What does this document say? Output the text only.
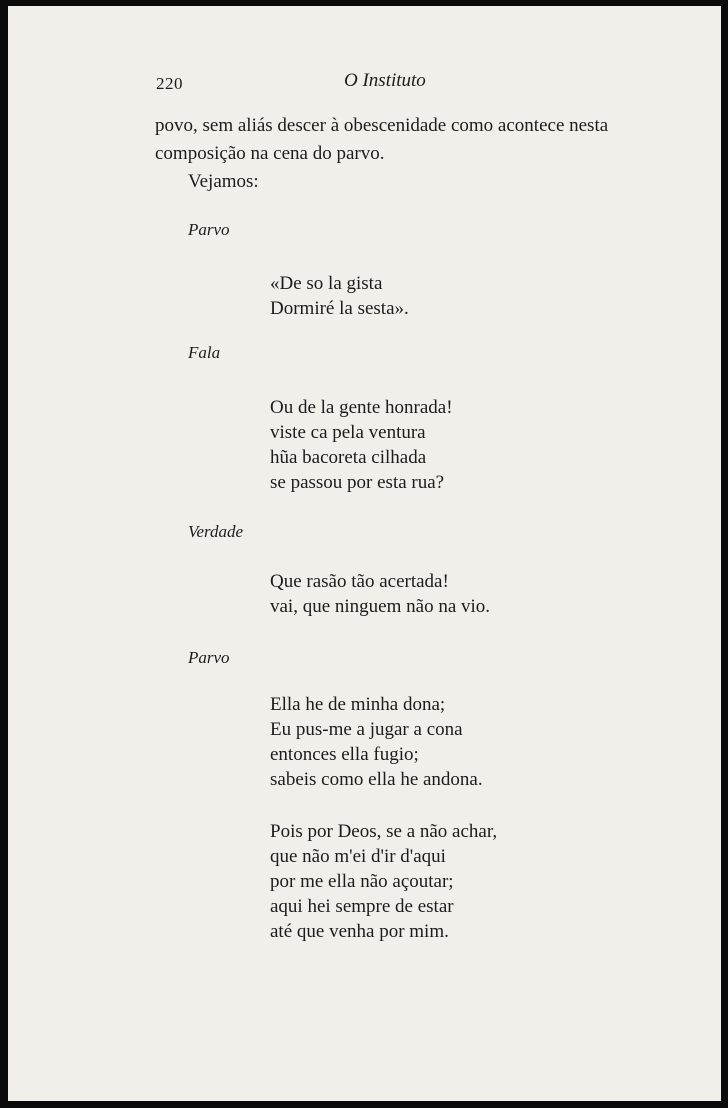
220	O Instituto
povo, sem aliás descer à obescenidade como acontece nesta
composição na cena do parvo.
Vejamos:
Parvo
«De so la gista
Dormiré la sesta».
Fala
Ou de la gente honrada!
viste ca pela ventura
hũa bacoreta cilhada
se passou por esta rua?
Verdade
Que rasão tão acertada!
vai, que ninguem não na vio.
Parvo
Ella he de minha dona;
Eu pus-me a jugar a cona
entonces ella fugio;
sabeis como ella he andona.
Pois por Deos, se a não achar,
que não m'ei d'ir d'aqui
por me ella não açoutar;
aqui hei sempre de estar
até que venha por mim.
